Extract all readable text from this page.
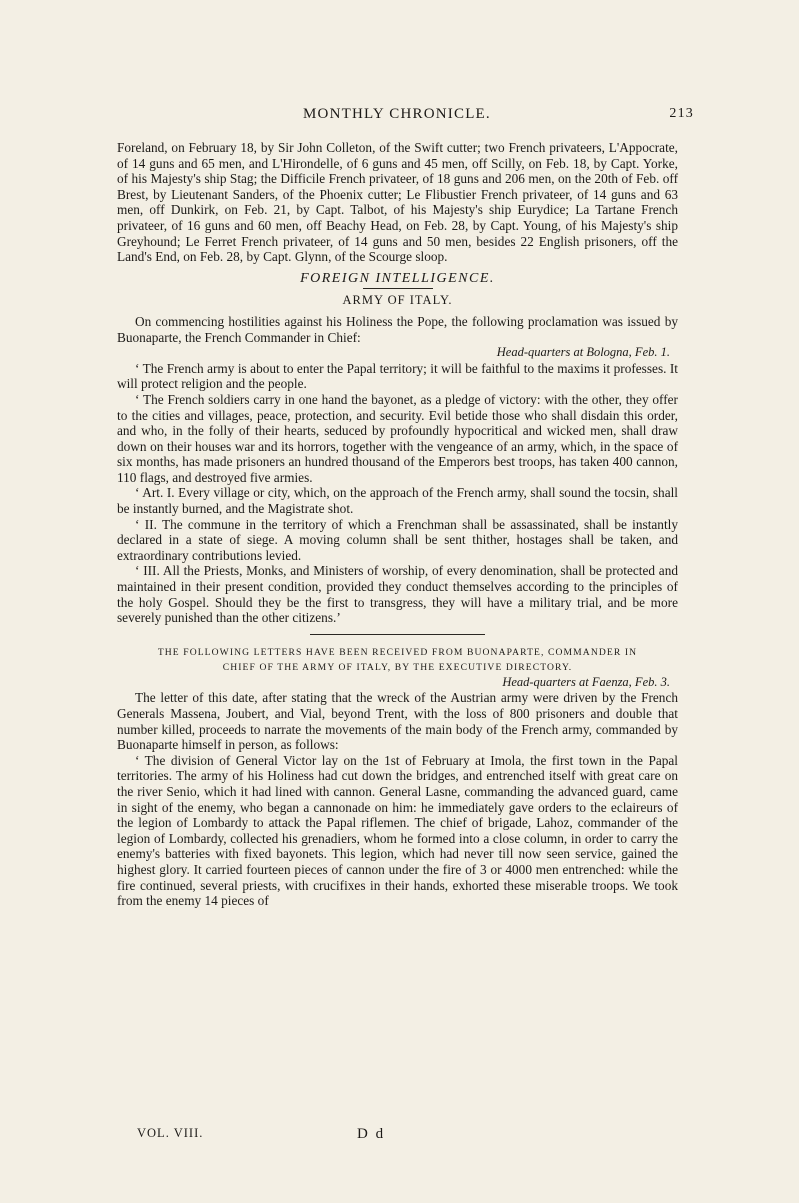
MONTHLY CHRONICLE.	213

Foreland, on February 18, by Sir John Colleton, of the Swift cutter; two French privateers, L'Appocrate, of 14 guns and 65 men, and L'Hirondelle, of 6 guns and 45 men, off Scilly, on Feb. 18, by Capt. Yorke, of his Majesty's ship Stag; the Difficile French privateer, of 18 guns and 206 men, on the 20th of Feb. off Brest, by Lieutenant Sanders, of the Phoenix cutter; Le Flibustier French privateer, of 14 guns and 63 men, off Dunkirk, on Feb. 21, by Capt. Talbot, of his Majesty's ship Eurydice; La Tartane French privateer, of 16 guns and 60 men, off Beachy Head, on Feb. 28, by Capt. Young, of his Majesty's ship Greyhound; Le Ferret French privateer, of 14 guns and 50 men, besides 22 English prisoners, off the Land's End, on Feb. 28, by Capt. Glynn, of the Scourge sloop.

FOREIGN INTELLIGENCE.
ARMY OF ITALY.

On commencing hostilities against his Holiness the Pope, the following proclamation was issued by Buonaparte, the French Commander in Chief:

Head-quarters at Bologna, Feb. 1.

‘ The French army is about to enter the Papal territory; it will be faithful to the maxims it professes. It will protect religion and the people.

‘ The French soldiers carry in one hand the bayonet, as a pledge of victory: with the other, they offer to the cities and villages, peace, protection, and security. Evil betide those who shall disdain this order, and who, in the folly of their hearts, seduced by profoundly hypocritical and wicked men, shall draw down on their houses war and its horrors, together with the vengeance of an army, which, in the space of six months, has made prisoners an hundred thousand of the Emperors best troops, has taken 400 cannon, 110 flags, and destroyed five armies.

‘ Art. I. Every village or city, which, on the approach of the French army, shall sound the tocsin, shall be instantly burned, and the Magistrate shot.

‘ II. The commune in the territory of which a Frenchman shall be assassinated, shall be instantly declared in a state of siege. A moving column shall be sent thither, hostages shall be taken, and extraordinary contributions levied.

‘ III. All the Priests, Monks, and Ministers of worship, of every denomination, shall be protected and maintained in their present condition, provided they conduct themselves according to the principles of the holy Gospel. Should they be the first to transgress, they will have a military trial, and be more severely punished than the other citizens.’

THE FOLLOWING LETTERS HAVE BEEN RECEIVED FROM BUONAPARTE, COMMANDER IN
CHIEF OF THE ARMY OF ITALY, BY THE EXECUTIVE DIRECTORY.
Head-quarters at Faenza, Feb. 3.

The letter of this date, after stating that the wreck of the Austrian army were driven by the French Generals Massena, Joubert, and Vial, beyond Trent, with the loss of 800 prisoners and double that number killed, proceeds to narrate the movements of the main body of the French army, commanded by Buonaparte himself in person, as follows:

‘ The division of General Victor lay on the 1st of February at Imola, the first town in the Papal territories. The army of his Holiness had cut down the bridges, and entrenched itself with great care on the river Senio, which it had lined with cannon. General Lasne, commanding the advanced guard, came in sight of the enemy, who began a cannonade on him: he immediately gave orders to the eclaireurs of the legion of Lombardy to attack the Papal riflemen. The chief of brigade, Lahoz, commander of the legion of Lombardy, collected his grenadiers, whom he formed into a close column, in order to carry the enemy's batteries with fixed bayonets. This legion, which had never till now seen service, gained the highest glory. It carried fourteen pieces of cannon under the fire of 3 or 4000 men entrenched: while the fire continued, several priests, with crucifixes in their hands, exhorted these miserable troops. We took from the enemy 14 pieces of

VOL. VIII.	D d
